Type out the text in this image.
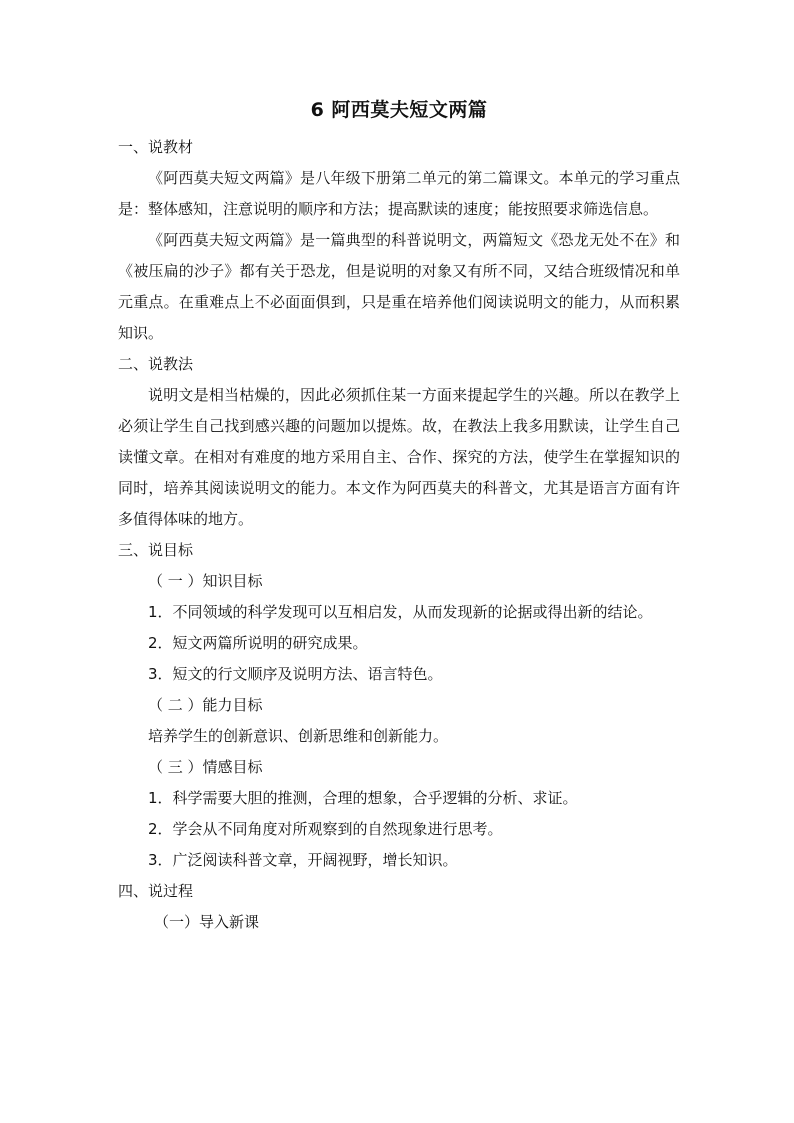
6 阿西莫夫短文两篇

一、说教材

《阿西莫夫短文两篇》是八年级下册第二单元的第二篇课文。本单元的学习重点是：整体感知，注意说明的顺序和方法；提高默读的速度；能按照要求筛选信息。

《阿西莫夫短文两篇》是一篇典型的科普说明文，两篇短文《恐龙无处不在》和《被压扁的沙子》都有关于恐龙，但是说明的对象又有所不同，又结合班级情况和单元重点。在重难点上不必面面俱到，只是重在培养他们阅读说明文的能力，从而积累知识。

二、说教法

说明文是相当枯燥的，因此必须抓住某一方面来提起学生的兴趣。所以在教学上必须让学生自己找到感兴趣的问题加以提炼。故，在教法上我多用默读，让学生自己读懂文章。在相对有难度的地方采用自主、合作、探究的方法，使学生在掌握知识的同时，培养其阅读说明文的能力。本文作为阿西莫夫的科普文，尤其是语言方面有许多值得体味的地方。

三、说目标

（ 一 ）知识目标

1．不同领域的科学发现可以互相启发，从而发现新的论据或得出新的结论。

2．短文两篇所说明的研究成果。

3．短文的行文顺序及说明方法、语言特色。

（ 二 ）能力目标

培养学生的创新意识、创新思维和创新能力。

（ 三 ）情感目标

1．科学需要大胆的推测，合理的想象，合乎逻辑的分析、求证。

2．学会从不同角度对所观察到的自然现象进行思考。

3．广泛阅读科普文章，开阔视野，增长知识。

四、说过程

（一）导入新课
